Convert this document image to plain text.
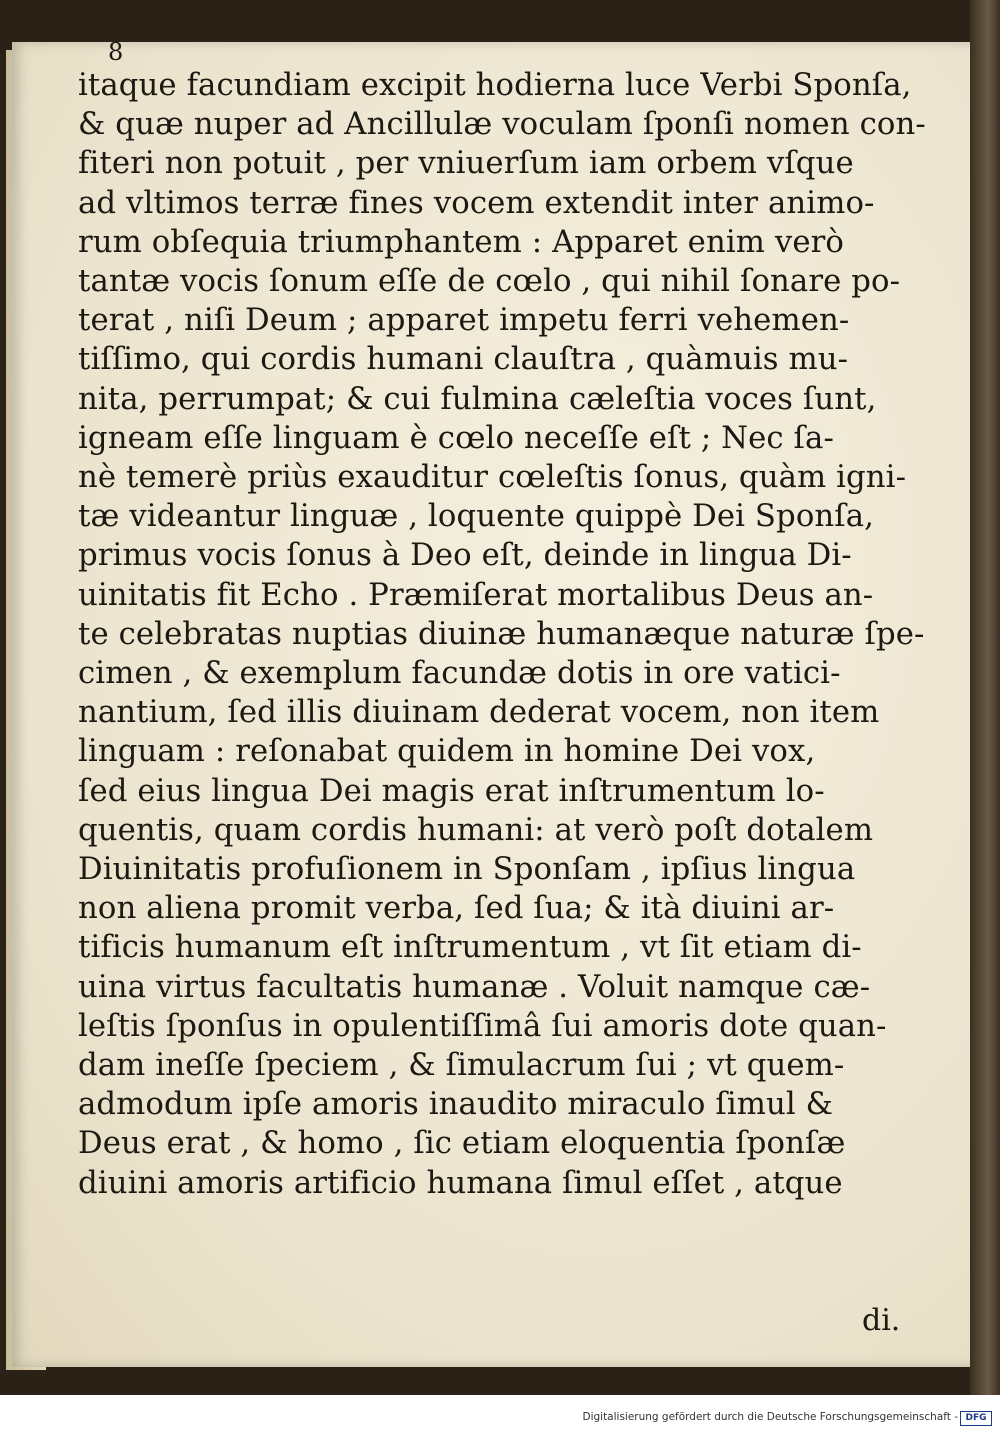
8
itaque facundiam excipit hodierna luce Verbi Sponſa,
& quæ nuper ad Ancillulæ voculam ſponſi nomen con-
fiteri non potuit , per vniuerſum iam orbem vſque
ad vltimos terræ fines vocem extendit inter animo-
rum obſequia triumphantem : Apparet enim verò
tantæ vocis ſonum eſſe de cœlo , qui nihil ſonare po-
terat , niſi Deum ; apparet impetu ferri vehemen-
tiſſimo, qui cordis humani clauſtra , quàmuis mu-
nita, perrumpat; & cui fulmina cæleſtia voces ſunt,
igneam eſſe linguam è cœlo neceſſe eſt ; Nec ſa-
nè temerè priùs exauditur cœleſtis ſonus, quàm igni-
tæ videantur linguæ , loquente quippè Dei Sponſa,
primus vocis ſonus à Deo eſt, deinde in lingua Di-
uinitatis fit Echo . Præmiſerat mortalibus Deus an-
te celebratas nuptias diuinæ humanæque naturæ ſpe-
cimen , & exemplum facundæ dotis in ore vatici-
nantium, ſed illis diuinam dederat vocem, non item
linguam : reſonabat quidem in homine Dei vox,
ſed eius lingua Dei magis erat inſtrumentum lo-
quentis, quam cordis humani: at verò poſt dotalem
Diuinitatis profuſionem in Sponſam , ipſius lingua
non aliena promit verba, ſed ſua; & ità diuini ar-
tificis humanum eſt inſtrumentum , vt ſit etiam di-
uina virtus facultatis humanæ . Voluit namque cæ-
leſtis ſponſus in opulentiſſimâ ſui amoris dote quan-
dam ineſſe ſpeciem , & ſimulacrum ſui ; vt quem-
admodum ipſe amoris inaudito miraculo ſimul &
Deus erat , & homo , ſic etiam eloquentia ſponſæ
diuini amoris artificio humana ſimul eſſet , atque
di.
Digitalisierung gefördert durch die Deutsche Forschungsgemeinschaft - DFG
